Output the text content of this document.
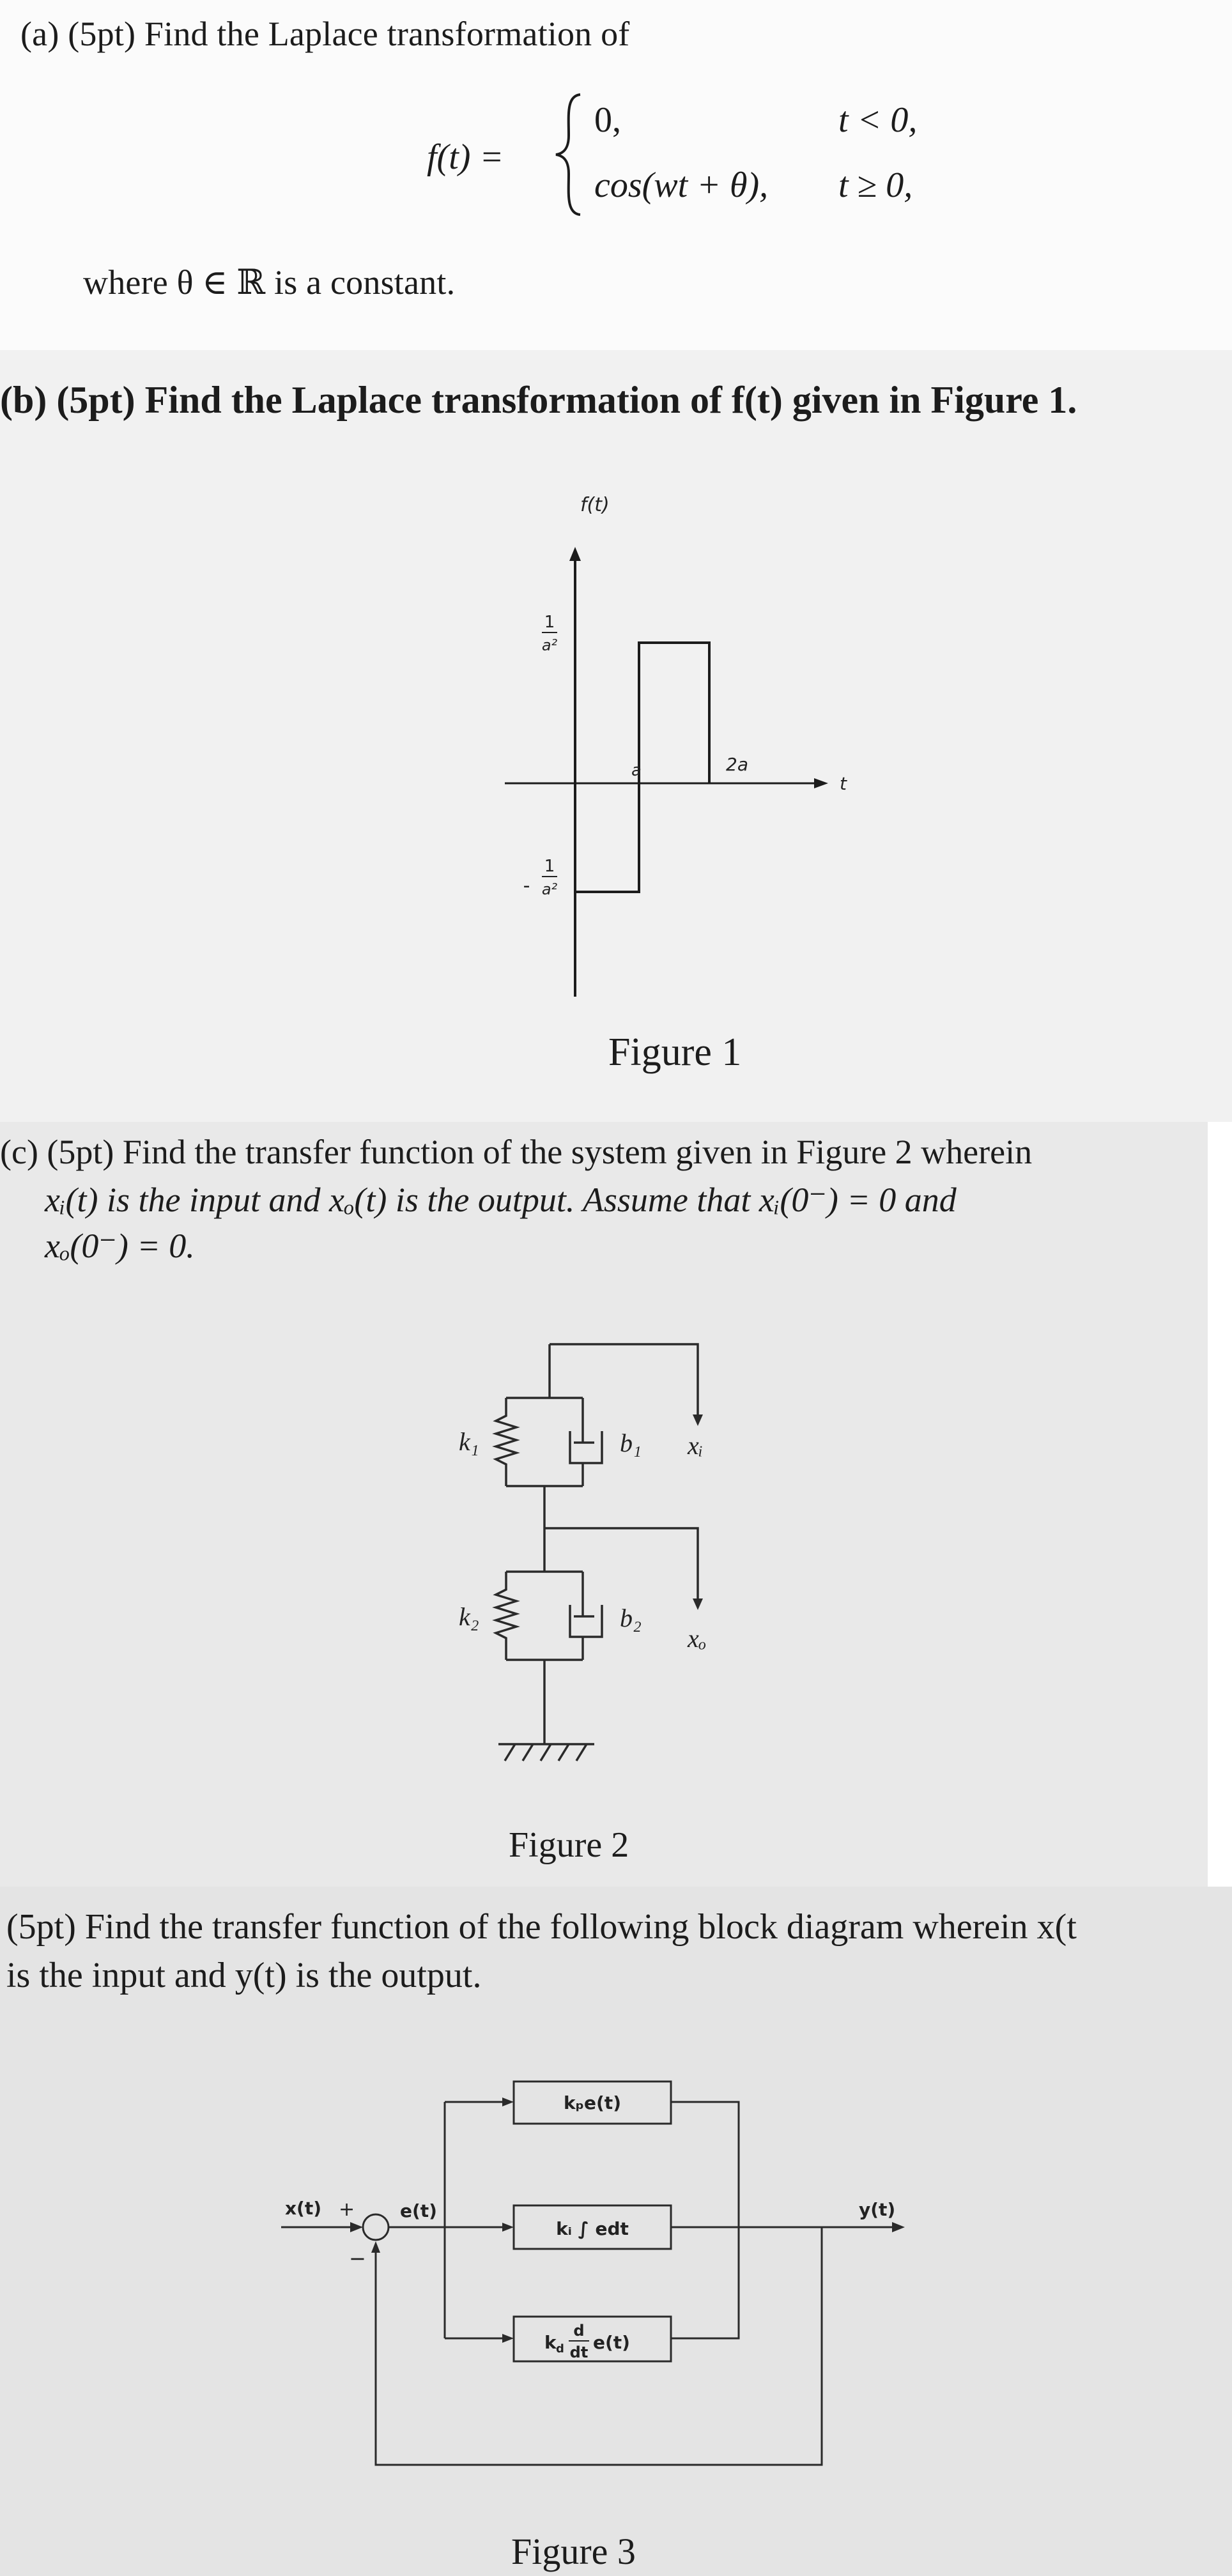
(a) (5pt) Find the Laplace transformation of
f(t) =
0,	t < 0,
cos(wt + θ), t ≥ 0,
where θ ∈ ℝ is a constant.
(b) (5pt) Find the Laplace transformation of f(t) given in Figure 1.
f(t)
t
1
a²
-
1
a²
a	2a
Figure 1
(c) (5pt) Find the transfer function of the system given in Figure 2 wherein
xᵢ(t) is the input and xₒ(t) is the output. Assume that xᵢ(0⁻) = 0 and
xₒ(0⁻) = 0.
k₁	b₁ xᵢ
k₂	b₂
xₒ
Figure 2
(5pt) Find the transfer function of the following block diagram wherein x(t
is the input and y(t) is the output.
x(t) +
−
e(t)
kₚe(t)
kᵢ ∫ edt
k d
d
dt e(t)
y(t)
Figure 3
